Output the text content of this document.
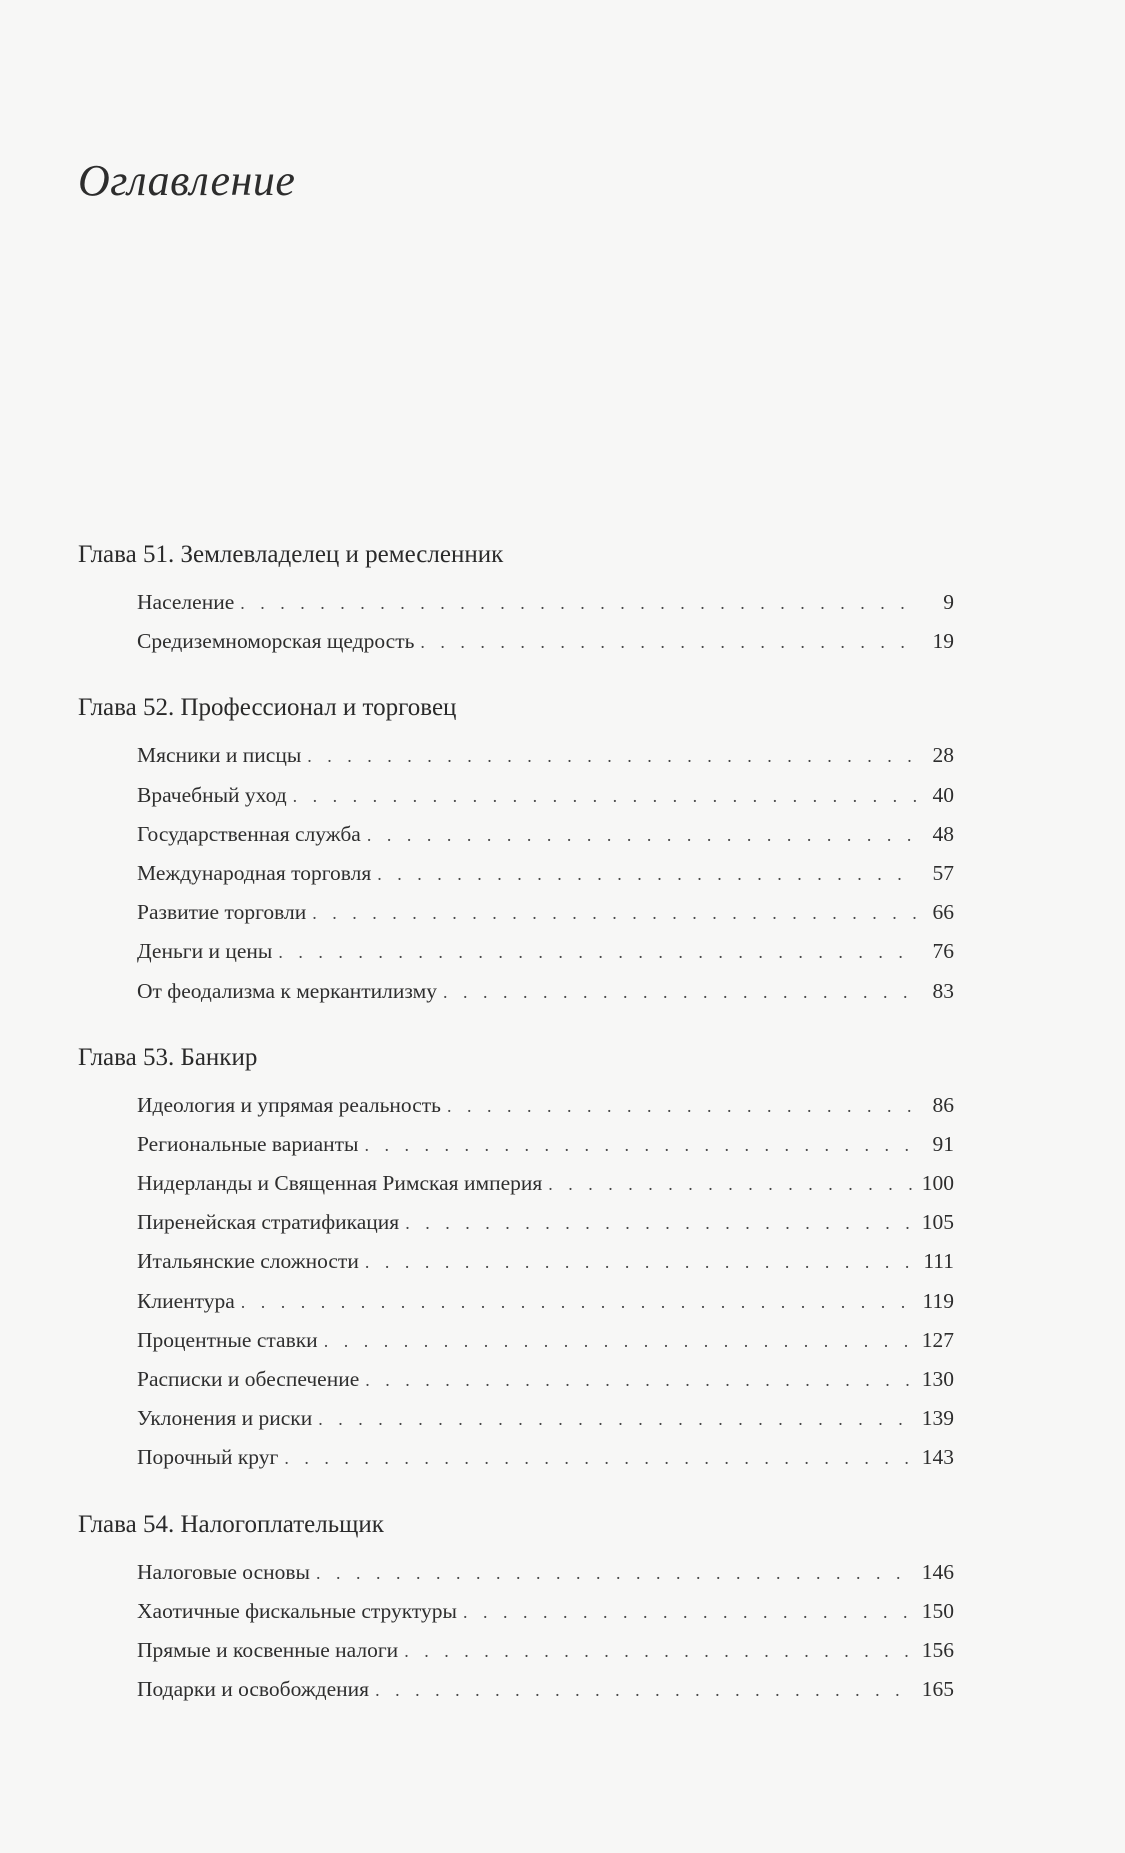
Оглавление
Глава 51. Землевладелец и ремесленник
Население . . .	9
Средиземноморская щедрость . . .	19
Глава 52. Профессионал и торговец
Мясники и писцы . . .	28
Врачебный уход . . .	40
Государственная служба . . .	48
Международная торговля . . .	57
Развитие торговли . . .	66
Деньги и цены . . .	76
От феодализма к меркантилизму . . .	83
Глава 53. Банкир
Идеология и упрямая реальность . . .	86
Региональные варианты . . .	91
Нидерланды и Священная Римская империя . . .	100
Пиренейская стратификация . . .	105
Итальянские сложности . . .	111
Клиентура . . .	119
Процентные ставки . . .	127
Расписки и обеспечение . . .	130
Уклонения и риски . . .	139
Порочный круг . . .	143
Глава 54. Налогоплательщик
Налоговые основы . . .	146
Хаотичные фискальные структуры . . .	150
Прямые и косвенные налоги . . .	156
Подарки и освобождения . . .	165
